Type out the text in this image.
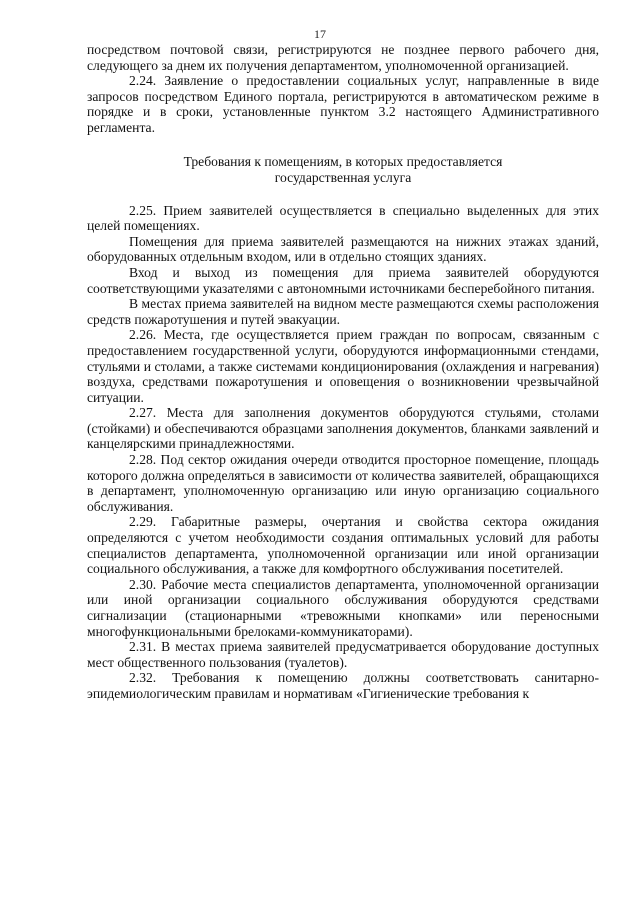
17

посредством почтовой связи, регистрируются не позднее первого рабочего дня, следующего за днем их получения департаментом, уполномоченной организацией.

2.24. Заявление о предоставлении социальных услуг, направленные в виде запросов посредством Единого портала, регистрируются в автоматическом режиме в порядке и в сроки, установленные пунктом 3.2 настоящего Административного регламента.

Требования к помещениям, в которых предоставляется
государственная услуга

2.25. Прием заявителей осуществляется в специально выделенных для этих целей помещениях.

Помещения для приема заявителей размещаются на нижних этажах зданий, оборудованных отдельным входом, или в отдельно стоящих зданиях.

Вход и выход из помещения для приема заявителей оборудуются соответствующими указателями с автономными источниками бесперебойного питания.

В местах приема заявителей на видном месте размещаются схемы расположения средств пожаротушения и путей эвакуации.

2.26. Места, где осуществляется прием граждан по вопросам, связанным с предоставлением государственной услуги, оборудуются информационными стендами, стульями и столами, а также системами кондиционирования (охлаждения и нагревания) воздуха, средствами пожаротушения и оповещения о возникновении чрезвычайной ситуации.

2.27. Места для заполнения документов оборудуются стульями, столами (стойками) и обеспечиваются образцами заполнения документов, бланками заявлений и канцелярскими принадлежностями.

2.28. Под сектор ожидания очереди отводится просторное помещение, площадь которого должна определяться в зависимости от количества заявителей, обращающихся в департамент, уполномоченную организацию или иную организацию социального обслуживания.

2.29. Габаритные размеры, очертания и свойства сектора ожидания определяются с учетом необходимости создания оптимальных условий для работы специалистов департамента, уполномоченной организации или иной организации социального обслуживания, а также для комфортного обслуживания посетителей.

2.30. Рабочие места специалистов департамента, уполномоченной организации или иной организации социального обслуживания оборудуются средствами сигнализации (стационарными «тревожными кнопками» или переносными многофункциональными брелоками-коммуникаторами).

2.31. В местах приема заявителей предусматривается оборудование доступных мест общественного пользования (туалетов).

2.32. Требования к помещению должны соответствовать санитарно-эпидемиологическим правилам и нормативам «Гигиенические требования к
